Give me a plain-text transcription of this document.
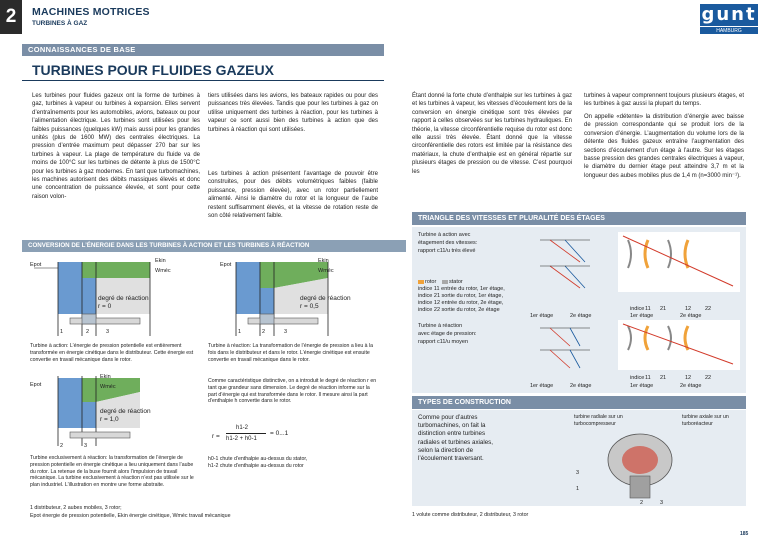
2	MACHINES MOTRICES
TURBINES À GAZ	gunt
HAMBURG
CONNAISSANCES DE BASE
TURBINES POUR FLUIDES GAZEUX
Les turbines pour fluides gazeux ont la forme de turbines à gaz, turbines à vapeur ou turbines à expansion. Elles servent d’entraînements pour les automobiles, avions, bateaux ou pour l’alimentation électrique. Les turbines sont utilisées pour les faibles puissances (quelques kW) mais aussi pour les grandes unités (plus de 1600 MW) des centrales électriques. La pression d’entrée maximum peut dépasser 270 bar sur les turbines à vapeur. La plage de température du fluide va de moins de 100°C sur les turbines de détente à plus de 1500°C pour les turbines à gaz modernes. En tant que turbomachines, les machines autorisent des débits massiques élevés et donc une concentration de puissance élevée, et sont pour cette raison volon-
tiers utilisées dans les avions, les bateaux rapides ou pour des puissances très élevées. Tandis que pour les turbines à gaz on utilise uniquement des turbines à réaction, pour les turbines à vapeur ce sont aussi bien des turbines à action que des turbines à réaction qui sont utilisées.
Les turbines à action présentent l’avantage de pouvoir être construites, pour des débits volumétriques faibles (faible puissance, pression élevée), avec un rotor partiellement alimenté. Ainsi le diamètre du rotor et la longueur de l’aube restent suffisamment élevés, et la vitesse de rotation reste de son côté relativement faible.
Étant donné la forte chute d’enthalpie sur les turbines à gaz et les turbines à vapeur, les vitesses d’écoulement lors de la conversion en énergie cinétique sont très élevées par rapport à celles observées sur les turbines hydrauliques. En théorie, la vitesse circonférentielle requise du rotor est donc elle aussi très élevée. Étant donné que la vitesse circonférentielle des rotors est limitée par la résistance des matériaux, la chute d’enthalpie est en général répartie sur plusieurs étages de pression ou de vitesse. C’est pourquoi les
turbines à vapeur comprennent toujours plusieurs étages, et les turbines à gaz aussi la plupart du temps.
On appelle «détente» la distribution d’énergie avec baisse de pression correspondante qui se produit lors de la conversion d’énergie. L’augmentation du volume lors de la détente des fluides gazeux entraîne l’augmentation des sections d’écoulement d’un étage à l’autre. Sur les étages basse pression des grandes centrales électriques à vapeur, le diamètre du dernier étage peut atteindre 3,7 m et la longueur des aubes mobiles plus de 1,4 m (n=3000 min⁻¹).
CONVERSION DE L’ÉNERGIE DANS LES TURBINES À ACTION ET LES TURBINES À RÉACTION
Epot
Ekin
Wméc
degré de réaction
r = 0
1	2	3
Epot
Ekin
Wméc
degré de réaction
r = 0,5
1	2	3
Turbine à action: L’énergie de pression potentielle est entièrement transformée en énergie cinétique dans le distributeur. Cette énergie est convertie en travail mécanique dans le rotor.
Turbine à réaction: La transformation de l’énergie de pression a lieu à la fois dans le distributeur et dans le rotor. L’énergie cinétique est ensuite convertie en travail mécanique dans le rotor.
Epot
Ekin
Wméc
degré de réaction
r = 1,0
2	3
Comme caractéristique distinctive, on a introduit le degré de réaction r en tant que grandeur sans dimension. Le degré de réaction informe sur la part d’énergie qui est transformée dans le rotor. Il mesure ainsi la part d’enthalpie h convertie dans le rotor.
r =
h1-2
h1-2 + h0-1
= 0...1
Turbine exclusivement à réaction: la transformation de l’énergie de pression potentielle en énergie cinétique a lieu uniquement dans l’aube du rotor. La retenue de la buse fournit alors l’impulsion de travail mécanique. La turbine exclusivement à réaction n’est pas utilisée sur le plan industriel. L’illustration en montre une forme abstraite.
h0-1 chute d’enthalpie au-dessus du stator,
h1-2 chute d’enthalpie au-dessus du rotor
1 distributeur, 2 aubes mobiles, 3 rotor;
Epot énergie de pression potentielle, Ekin énergie cinétique, Wméc travail mécanique
TRIANGLE DES VITESSES ET PLURALITÉ DES ÉTAGES
Turbine à action avec
étagement des vitesses:
rapport c11/u très élevé
rotor stator
indice 11 entrée du rotor, 1er étage,
indice 21 sortie du rotor, 1er étage,
indice 12 entrée du rotor, 2e étage,
indice 22 sortie du rotor, 2e étage
1er étage	2e étage
indice 11 21	12	22
1er étage	2e étage
Turbine à réaction
avec étage de pression:
rapport c11/u moyen
indice 11 21	12	22
1er étage	2e étage	1er étage	2e étage
TYPES DE CONSTRUCTION
Comme pour d’autres turbomachines, on fait la distinction entre turbines radiales et turbines axiales, selon la direction de l’écoulement traversant.
turbine radiale sur un turbocompresseur
turbine axiale sur un turboréacteur
3
1
2	3
1 volute comme distributeur, 2 distributeur, 3 rotor
185
